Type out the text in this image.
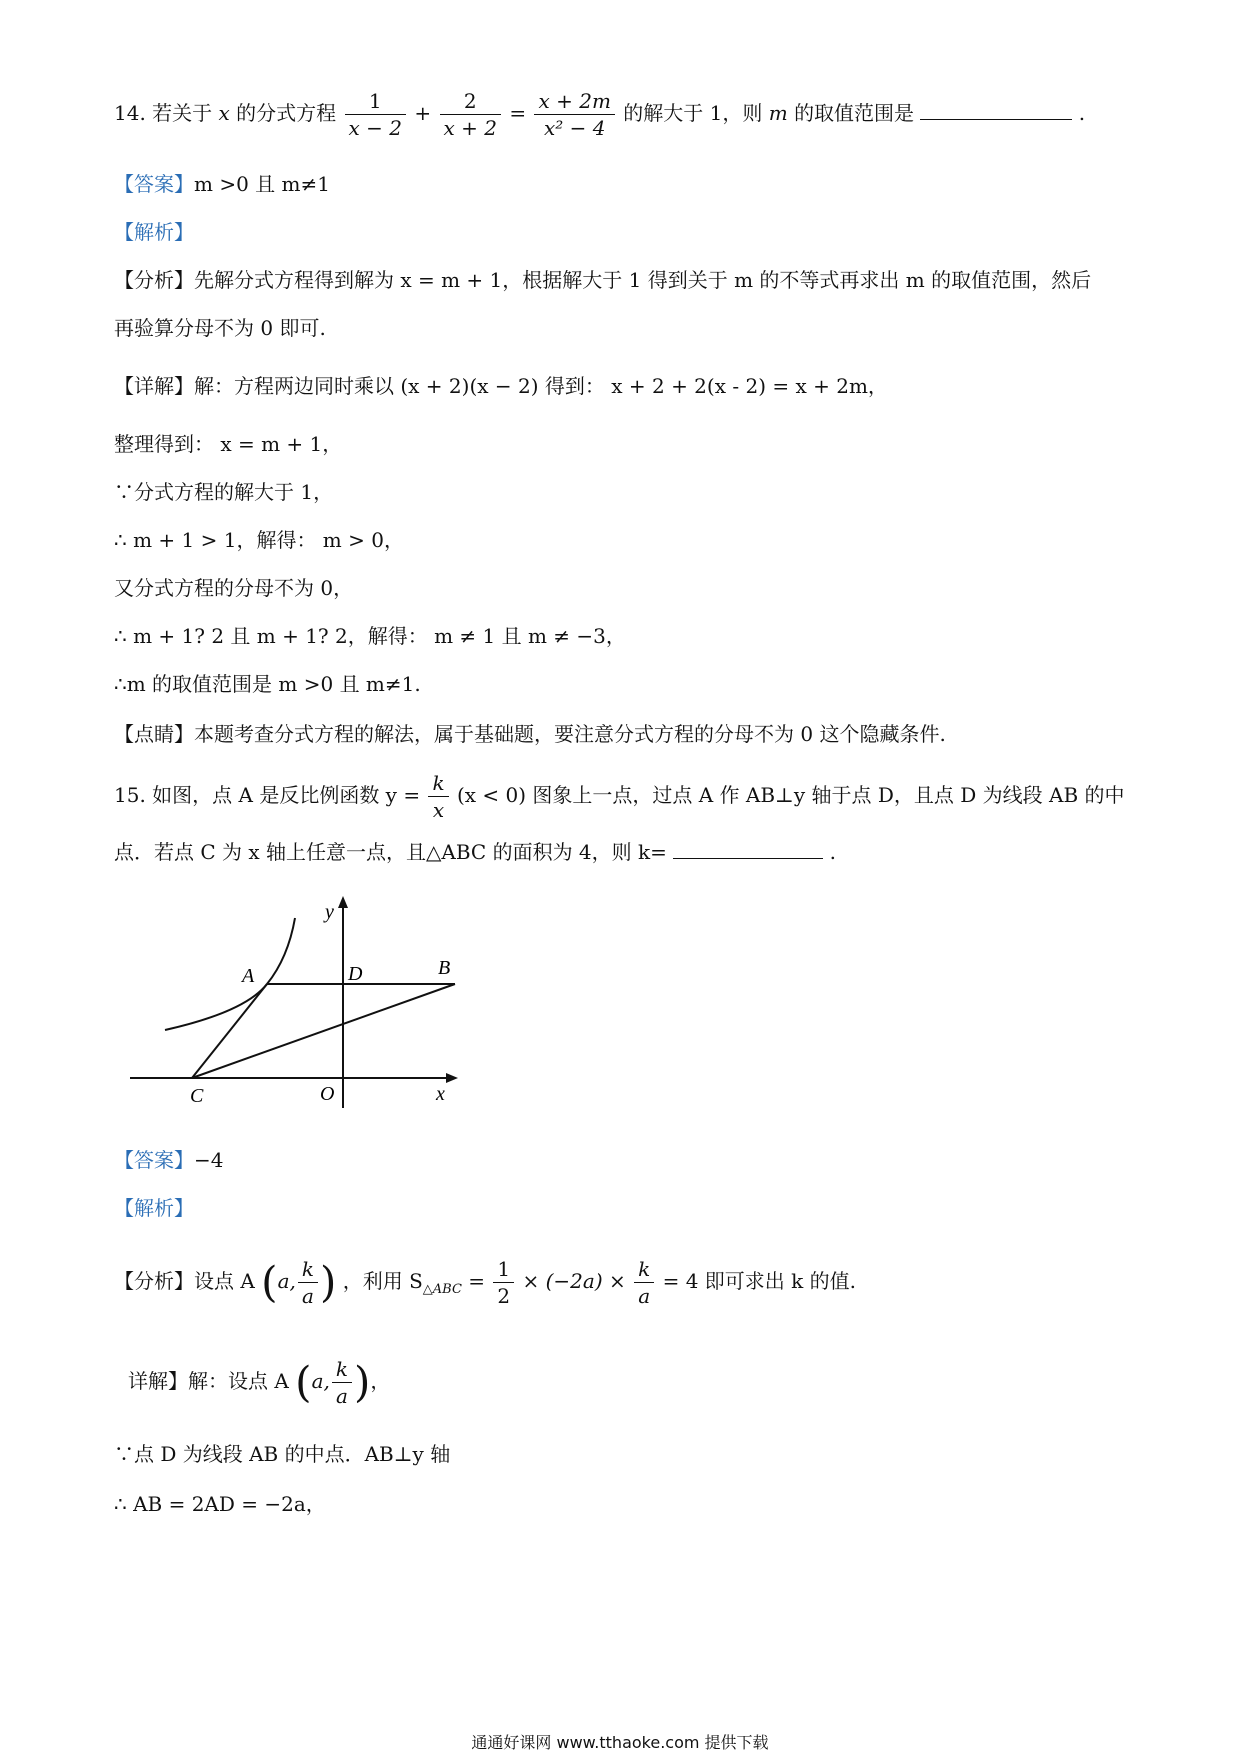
14. 若关于 x 的分式方程 $\frac{1}{x - 2} + \frac{2}{x + 2} = \frac{x + 2m}{\text{x² − 4}}$ 的解大于 1，则 m 的取值范围是	.
【答案】m >0 且 m≠1
【解析】
【分析】先解分式方程得到解为 x = m + 1，根据解大于 1 得到关于 m 的不等式再求出 m 的取值范围，然后
再验算分母不为 0 即可.
【详解】解：方程两边同时乘以 (x + 2)(x − 2) 得到： x + 2 + 2(x - 2) = x + 2m，
整理得到： x = m + 1，
∵分式方程的解大于 1，
∴ m + 1 > 1，解得： m > 0，
又分式方程的分母不为 0，
∴ m + 1? 2 且 m + 1? 2，解得： m ≠ 1 且 m ≠ −3，
∴m 的取值范围是 m >0 且 m≠1.
【点睛】本题考查分式方程的解法，属于基础题，要注意分式方程的分母不为 0 这个隐藏条件.
15. 如图，点 A 是反比例函数 $y = \frac{k}{x} (x < 0)$ 图象上一点，过点 A 作 AB⊥y 轴于点 D，且点 D 为线段 AB 的中
点．若点 C 为 x 轴上任意一点，且△ABC 的面积为 4，则 k=	.
y
A	D	B
C	O	x
【答案】−4
【解析】
【分析】设点 A (a, $\frac{k}{a}$ ) ，利用 $S_{\triangle ABC} = \frac{1}{2} \times (-2a) \times \frac{k}{a} = 4$ 即可求出 k 的值.
详解】解：设点 A (a, $\frac{k}{a}$ )，
∵点 D 为线段 AB 的中点．AB⊥y 轴
∴ AB = 2AD = −2a，
通通好课网 www.tthaoke.com 提供下载
